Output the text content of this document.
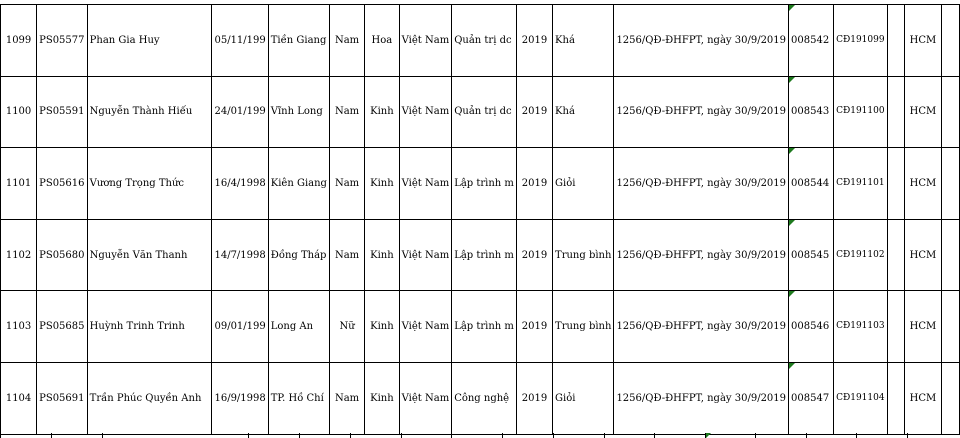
1099	PS05577	Phan Gia Huy	05/11/199	Tiền Giang	Nam	Hoa	Việt Nam	Quản trị dc	2019	Khá	1256/QĐ-ĐHFPT, ngày 30/9/2019	008542	CĐ191099		HCM	
1100	PS05591	Nguyễn Thành Hiếu	24/01/199	Vĩnh Long	Nam	Kinh	Việt Nam	Quản trị dc	2019	Khá	1256/QĐ-ĐHFPT, ngày 30/9/2019	008543	CĐ191100		HCM	
1101	PS05616	Vương Trọng Thức	16/4/1998	Kiên Giang	Nam	Kinh	Việt Nam	Lập trình m	2019	Giỏi	1256/QĐ-ĐHFPT, ngày 30/9/2019	008544	CĐ191101		HCM	
1102	PS05680	Nguyễn Văn Thanh	14/7/1998	Đồng Tháp	Nam	Kinh	Việt Nam	Lập trình m	2019	Trung bình	1256/QĐ-ĐHFPT, ngày 30/9/2019	008545	CĐ191102		HCM	
1103	PS05685	Huỳnh Trinh Trinh	09/01/199	Long An	Nữ	Kinh	Việt Nam	Lập trình m	2019	Trung bình	1256/QĐ-ĐHFPT, ngày 30/9/2019	008546	CĐ191103		HCM	
1104	PS05691	Trần Phúc Quyền Anh	16/9/1998	TP. Hồ Chí	Nam	Kinh	Việt Nam	Công nghệ	2019	Giỏi	1256/QĐ-ĐHFPT, ngày 30/9/2019	008547	CĐ191104		HCM	
